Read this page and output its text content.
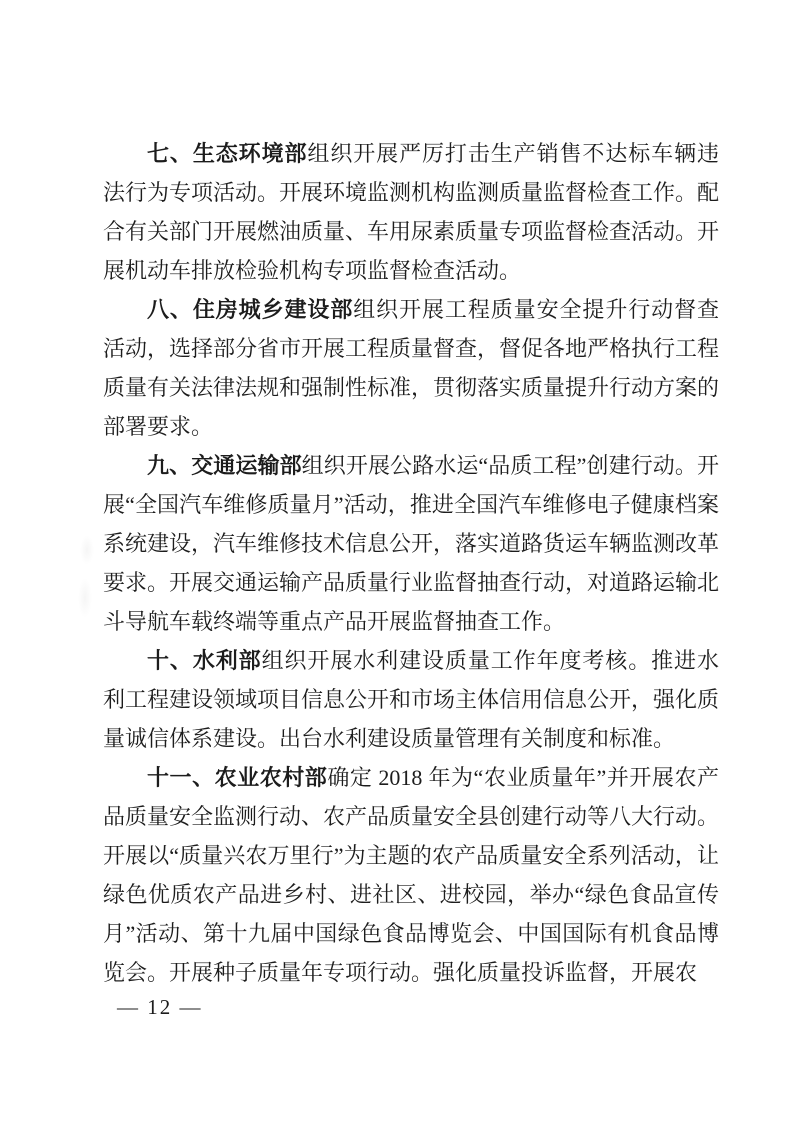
七、生态环境部组织开展严厉打击生产销售不达标车辆违法行为专项活动。开展环境监测机构监测质量监督检查工作。配合有关部门开展燃油质量、车用尿素质量专项监督检查活动。开展机动车排放检验机构专项监督检查活动。

八、住房城乡建设部组织开展工程质量安全提升行动督查活动，选择部分省市开展工程质量督查，督促各地严格执行工程质量有关法律法规和强制性标准，贯彻落实质量提升行动方案的部署要求。

九、交通运输部组织开展公路水运“品质工程”创建行动。开展“全国汽车维修质量月”活动，推进全国汽车维修电子健康档案系统建设，汽车维修技术信息公开，落实道路货运车辆监测改革要求。开展交通运输产品质量行业监督抽查行动，对道路运输北斗导航车载终端等重点产品开展监督抽查工作。

十、水利部组织开展水利建设质量工作年度考核。推进水利工程建设领域项目信息公开和市场主体信用信息公开，强化质量诚信体系建设。出台水利建设质量管理有关制度和标准。

十一、农业农村部确定 2018 年为“农业质量年”并开展农产品质量安全监测行动、农产品质量安全县创建行动等八大行动。开展以“质量兴农万里行”为主题的农产品质量安全系列活动，让绿色优质农产品进乡村、进社区、进校园，举办“绿色食品宣传月”活动、第十九届中国绿色食品博览会、中国国际有机食品博览会。开展种子质量年专项行动。强化质量投诉监督，开展农

— 12 —
